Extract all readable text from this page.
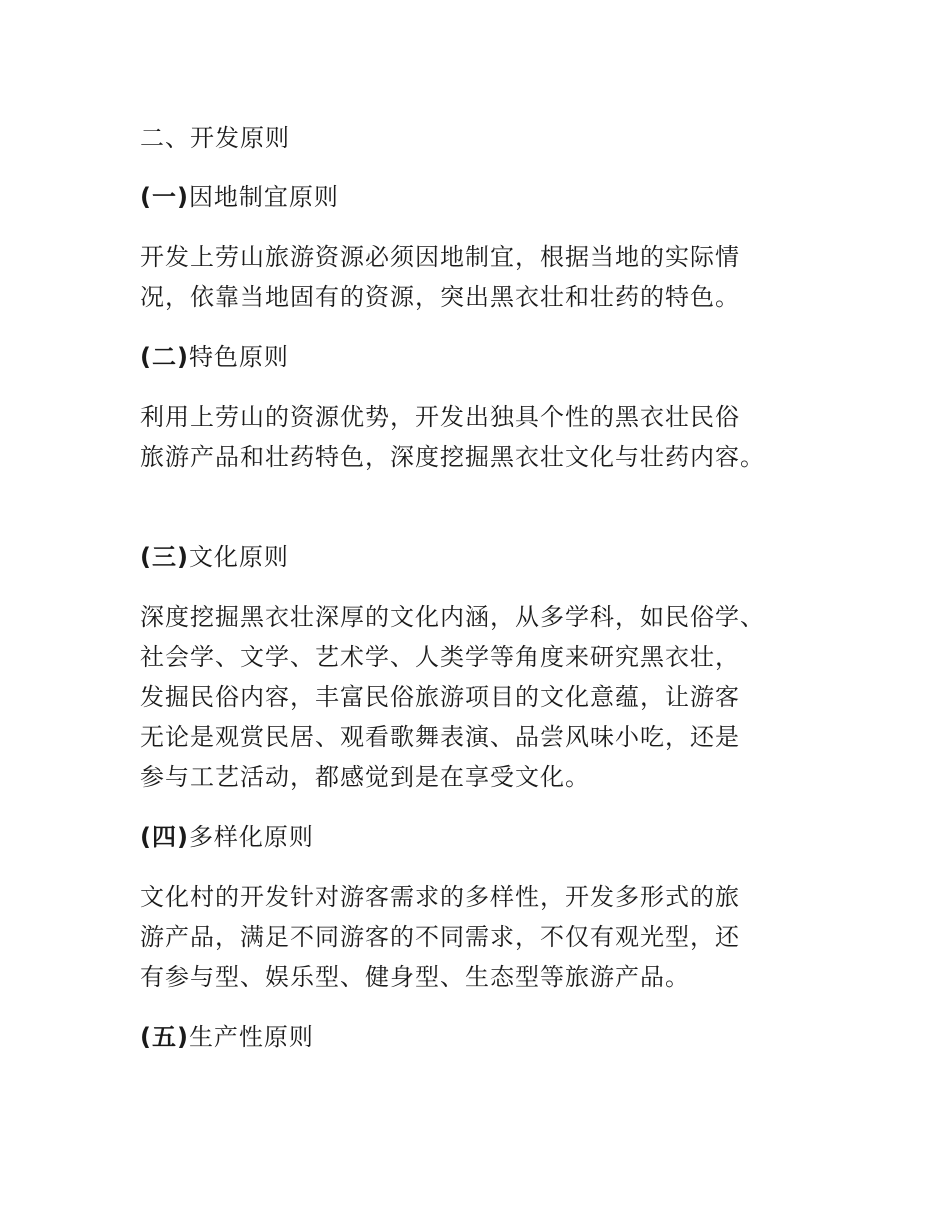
二、开发原则
(一)因地制宜原则
开发上劳山旅游资源必须因地制宜，根据当地的实际情
况，依靠当地固有的资源，突出黑衣壮和壮药的特色。
(二)特色原则
利用上劳山的资源优势，开发出独具个性的黑衣壮民俗
旅游产品和壮药特色，深度挖掘黑衣壮文化与壮药内容。
(三)文化原则
深度挖掘黑衣壮深厚的文化内涵，从多学科，如民俗学、
社会学、文学、艺术学、人类学等角度来研究黑衣壮，
发掘民俗内容，丰富民俗旅游项目的文化意蕴，让游客
无论是观赏民居、观看歌舞表演、品尝风味小吃，还是
参与工艺活动，都感觉到是在享受文化。
(四)多样化原则
文化村的开发针对游客需求的多样性，开发多形式的旅
游产品，满足不同游客的不同需求，不仅有观光型，还
有参与型、娱乐型、健身型、生态型等旅游产品。
(五)生产性原则
